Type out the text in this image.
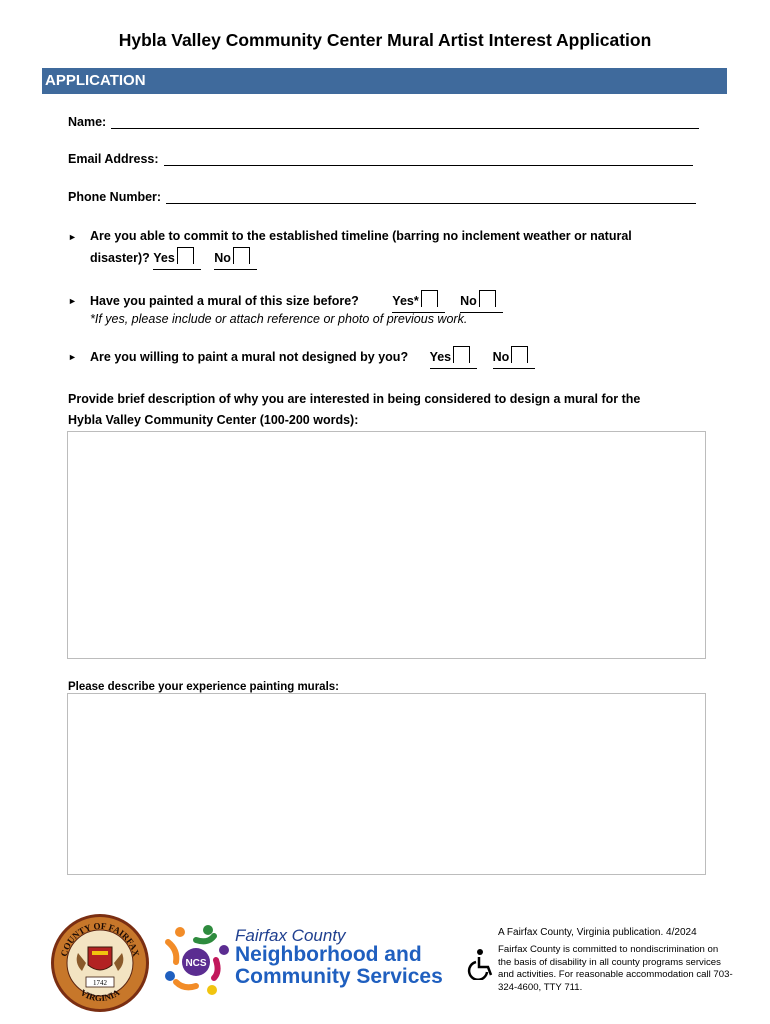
Hybla Valley Community Center Mural Artist Interest Application
APPLICATION
Name:
Email Address:
Phone Number:
► Are you able to commit to the established timeline (barring no inclement weather or natural
disaster)? Yes	No
► Have you painted a mural of this size before?	Yes*	No
*If yes, please include or attach reference or photo of previous work.
► Are you willing to paint a mural not designed by you? Yes	No
Provide brief description of why you are interested in being considered to design a mural for the
Hybla Valley Community Center (100-200 words):
Please describe your experience painting murals:
COUNTY OF FAIRFAX
VIRGINIA
1742
NCS
Fairfax County
Neighborhood and
Community Services
A Fairfax County, Virginia publication. 4/2024
Fairfax County is committed to nondiscrimination on the basis of disability in all county programs services and activities. For reasonable accommodation call 703-324-4600, TTY 711.
